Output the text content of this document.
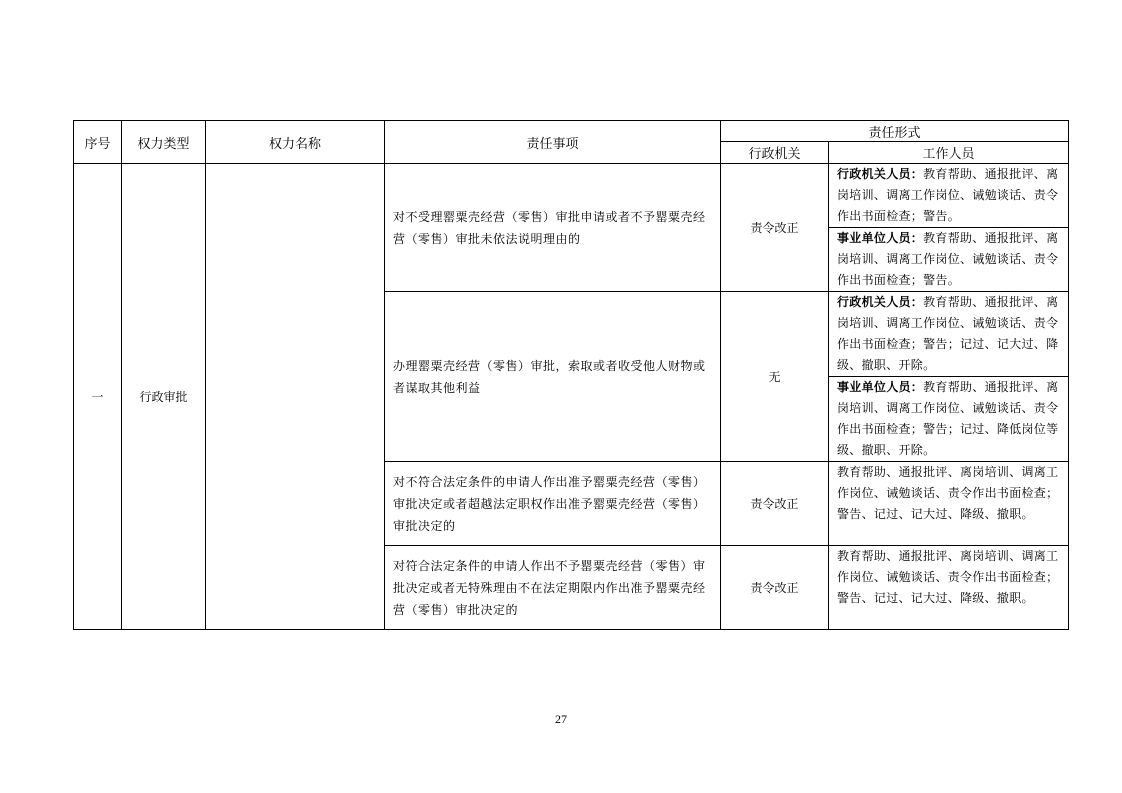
序号	权力类型	权力名称	责任事项	责任形式	
				行政机关	工作人员
一	行政审批		对不受理罂粟壳经营（零售）审批申请或者不予罂粟壳经营（零售）审批未依法说明理由的	责令改正	行政机关人员：教育帮助、通报批评、离岗培训、调离工作岗位、诫勉谈话、责令作出书面检查；警告。
					事业单位人员：教育帮助、通报批评、离岗培训、调离工作岗位、诫勉谈话、责令作出书面检查；警告。
			办理罂粟壳经营（零售）审批，索取或者收受他人财物或者谋取其他利益	无	行政机关人员：教育帮助、通报批评、离岗培训、调离工作岗位、诫勉谈话、责令作出书面检查；警告；记过、记大过、降级、撤职、开除。
					事业单位人员：教育帮助、通报批评、离岗培训、调离工作岗位、诫勉谈话、责令作出书面检查；警告；记过、降低岗位等级、撤职、开除。
			对不符合法定条件的申请人作出准予罂粟壳经营（零售）审批决定或者超越法定职权作出准予罂粟壳经营（零售）审批决定的	责令改正	教育帮助、通报批评、离岗培训、调离工作岗位、诫勉谈话、责令作出书面检查；警告、记过、记大过、降级、撤职。
			对符合法定条件的申请人作出不予罂粟壳经营（零售）审批决定或者无特殊理由不在法定期限内作出准予罂粟壳经营（零售）审批决定的	责令改正	教育帮助、通报批评、离岗培训、调离工作岗位、诫勉谈话、责令作出书面检查；警告、记过、记大过、降级、撤职。
27
